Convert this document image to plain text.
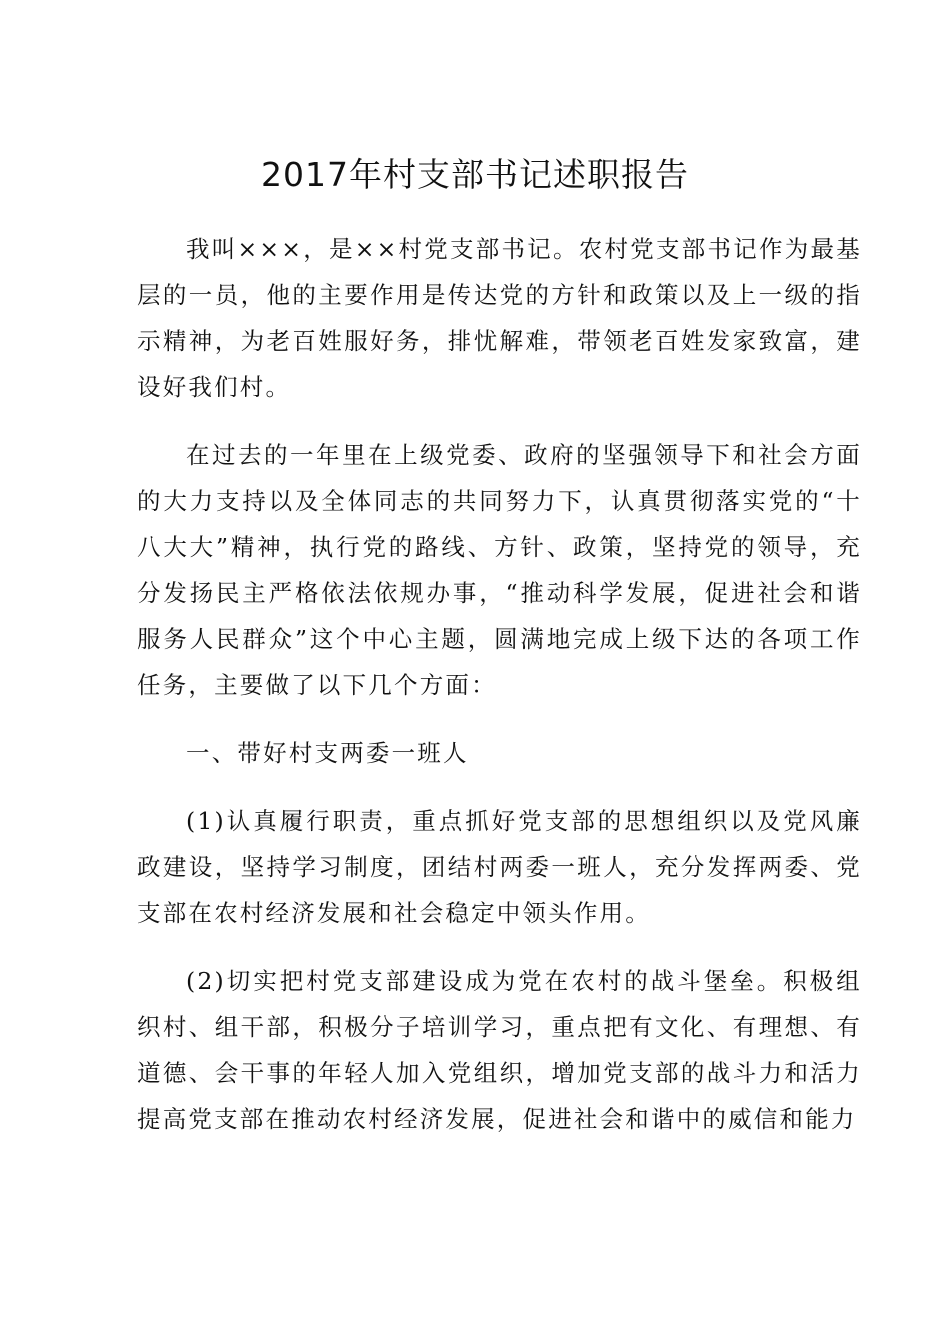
2017年村支部书记述职报告

我叫×××，是××村党支部书记。农村党支部书记作为最基层的一员，他的主要作用是传达党的方针和政策以及上一级的指示精神，为老百姓服好务，排忧解难，带领老百姓发家致富，建设好我们村。

在过去的一年里在上级党委、政府的坚强领导下和社会方面的大力支持以及全体同志的共同努力下，认真贯彻落实党的“十八大大”精神，执行党的路线、方针、政策，坚持党的领导，充分发扬民主严格依法依规办事，“推动科学发展，促进社会和谐服务人民群众”这个中心主题，圆满地完成上级下达的各项工作任务，主要做了以下几个方面：

一、带好村支两委一班人

(1)认真履行职责，重点抓好党支部的思想组织以及党风廉政建设，坚持学习制度，团结村两委一班人，充分发挥两委、党支部在农村经济发展和社会稳定中领头作用。

(2)切实把村党支部建设成为党在农村的战斗堡垒。积极组织村、组干部，积极分子培训学习，重点把有文化、有理想、有道德、会干事的年轻人加入党组织，增加党支部的战斗力和活力提高党支部在推动农村经济发展，促进社会和谐中的威信和能力
